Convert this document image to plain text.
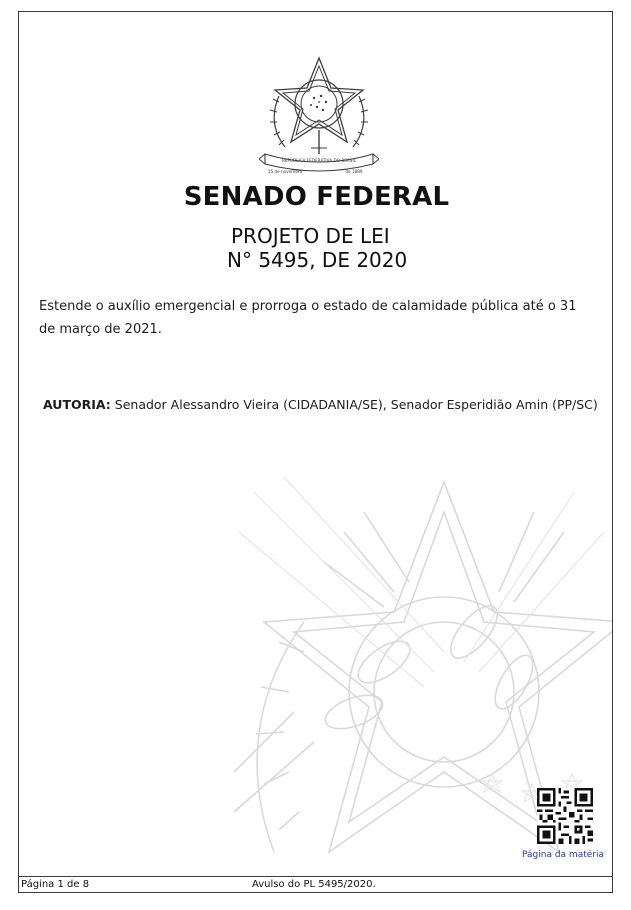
REPÚBLICA FEDERATIVA DO BRASIL
15 de novembro	de 1889
SENADO FEDERAL
PROJETO DE LEI
N° 5495, DE 2020
Estende o auxílio emergencial e prorroga o estado de calamidade pública até o 31 de março de 2021.
AUTORIA: Senador Alessandro Vieira (CIDADANIA/SE), Senador Esperidião Amin (PP/SC)
Página da matéria
Página 1 de 8	Avulso do PL 5495/2020.
